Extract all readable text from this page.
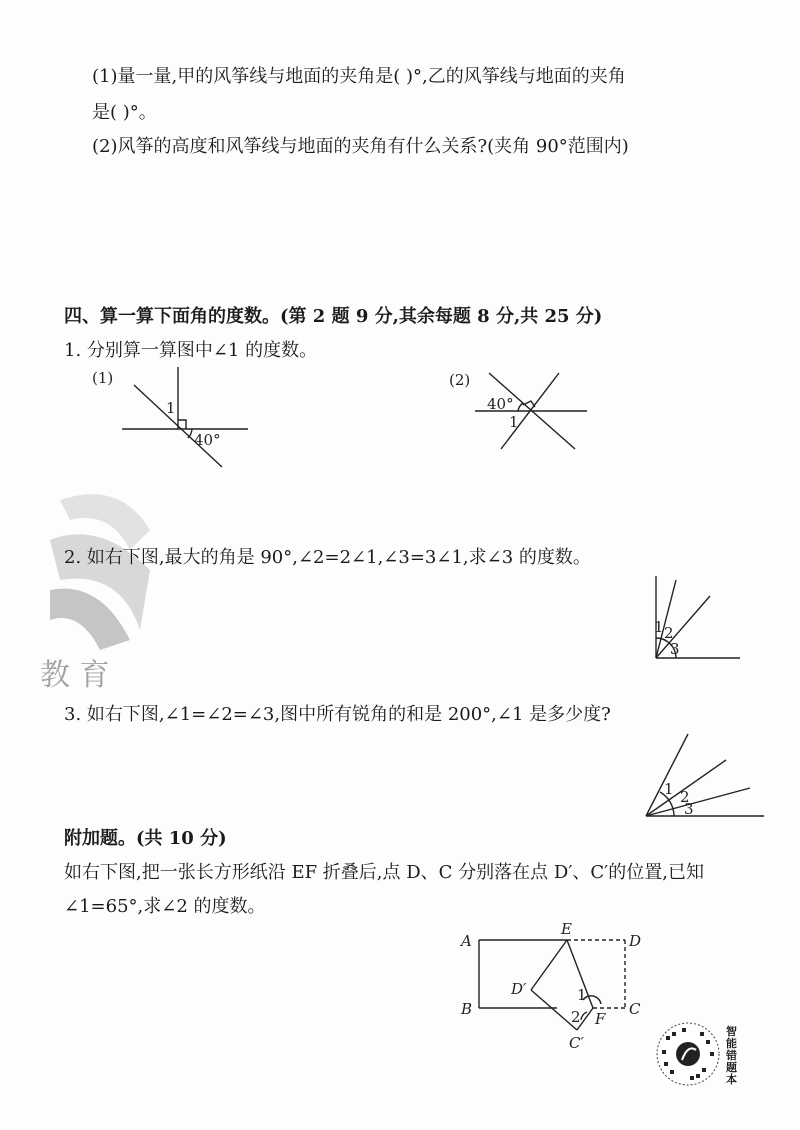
(1)量一量,甲的风筝线与地面的夹角是( )°,乙的风筝线与地面的夹角
是( )°。
(2)风筝的高度和风筝线与地面的夹角有什么关系?(夹角 90°范围内)
四、算一算下面角的度数。(第 2 题 9 分,其余每题 8 分,共 25 分)
1. 分别算一算图中∠1 的度数。
(1)
1
40°
(2)
40°
1
教 育
2. 如右下图,最大的角是 90°,∠2=2∠1,∠3=3∠1,求∠3 的度数。
1 2
3
3. 如右下图,∠1=∠2=∠3,图中所有锐角的和是 200°,∠1 是多少度?
1 2
3
附加题。(共 10 分)
如右下图,把一张长方形纸沿 EF 折叠后,点 D、C 分别落在点 D′、C′的位置,已知
∠1=65°,求∠2 的度数。
A
B
E
D
C
D′
F
C′
1
2
智能错题本
